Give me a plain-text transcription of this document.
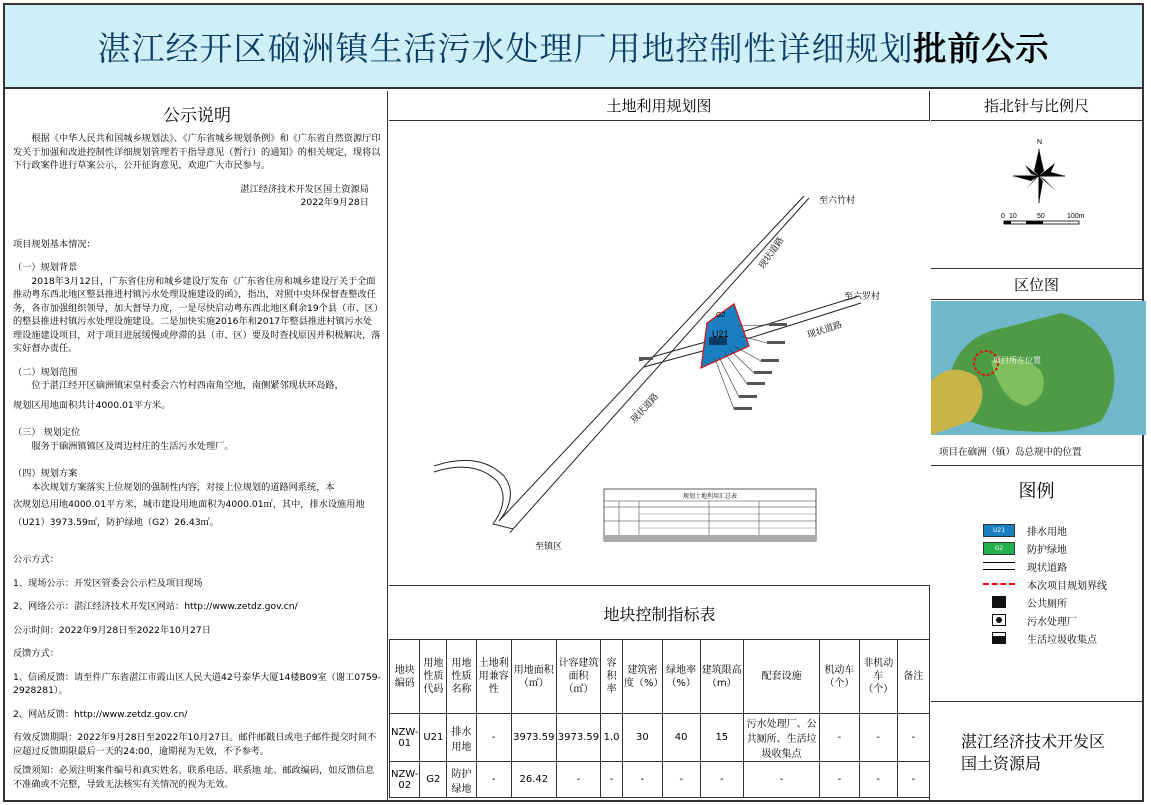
湛江经开区硇洲镇生活污水处理厂用地控制性详细规划 批前公示
公示说明

根据《中华人民共和国城乡规划法》、《广东省城乡规划条例》和《广东省自然资源厅印发关于加强和改进控制性详细规划管理若干指导意见（暂行）的通知》的相关规定，现将以下行政案件进行草案公示，公开征询意见，欢迎广大市民参与。

湛江经济技术开发区国土资源局

2022年9月28日

项目规划基本情况：

（一）规划背景

2018年3月12日，广东省住房和城乡建设厅发布《广东省住房和城乡建设厅关于全面推动粤东西北地区整县推进村镇污水处理设施建设的函》，指出，对照中央环保督查整改任务，各市加强组织领导，加大督导力度，一是尽快启动粤东西北地区剩余19个县（市、区）的整县推进村镇污水处理设施建设。二是加快实施2016年和2017年整县推进村镇污水处理设施建设项目，对于项目进展缓慢或停滞的县（市、区）要及时查找原因并积极解决，落实好督办责任。

（二）规划范围

位于湛江经开区硇洲镇宋皇村委会六竹村西南角空地，南侧紧邻现状环岛路，

规划区用地面积共计4000.01平方米。

（三） 规划定位

服务于硇洲镇镇区及周边村庄的生活污水处理厂。

（四）规划方案

本次规划方案落实上位规划的强制性内容，对接上位规划的道路网系统，本

次规划总用地4000.01平方米，城市建设用地面积为4000.01㎡，其中，排水设施用地

（U21）3973.59㎡，防护绿地（G2）26.43㎡。

公示方式：

1、现场公示：开发区管委会公示栏及项目现场

2、网络公示：湛江经济技术开发区网站：http://www.zetdz.gov.cn/

公示时间：2022年9月28日至2022年10月27日

反馈方式：

1、信函反馈：请至件广东省湛江市霞山区人民大道42号泰华大厦14楼B09室（谢工0759-2928281）。

2、网站反馈：http://www.zetdz.gov.cn/

有效反馈期限：2022年9月28日至2022年10月27日。邮件邮戳日或电子邮件提交时间不应超过反馈期限最后一天的24:00，逾期视为无效，不予参考。

反馈须知：必须注明案件编号和真实姓名、联系电话、联系地 址、邮政编码，如反馈信息不准确或不完整，导致无法核实有关情况的视为无效。

土地利用规划图
U21
G2
至六竹村
至六罗村
至镇区
现状道路
现状道路
现状道路
规划土地利用汇总表
地块控制指标表
地块编码	用地性质代码	用地性质名称	土地利用兼容性	用地面积（㎡）	计容建筑面积（㎡）	容积率	建筑密度（%）	绿地率（%）	建筑限高（m）	配套设施	机动车（个）	非机动车（个）	备注
NZW-01	U21	排水用地	-	3973.59	3973.59	1.0	30	40	15	污水处理厂、公共厕所、生活垃圾收集点	-	-	-
NZW-02	G2	防护绿地	-	26.42	-	-	-	-	-	-	-	-	-
指北针与比例尺
N
0 10	50	100m
区位图
项目所在位置
项目在硇洲（镇）岛总规中的位置
图例
U21	排水用地
G2	防护绿地
现状道路
本次项目规划界线
公共厕所
污水处理厂
生活垃圾收集点
湛江经济技术开发区
国土资源局
